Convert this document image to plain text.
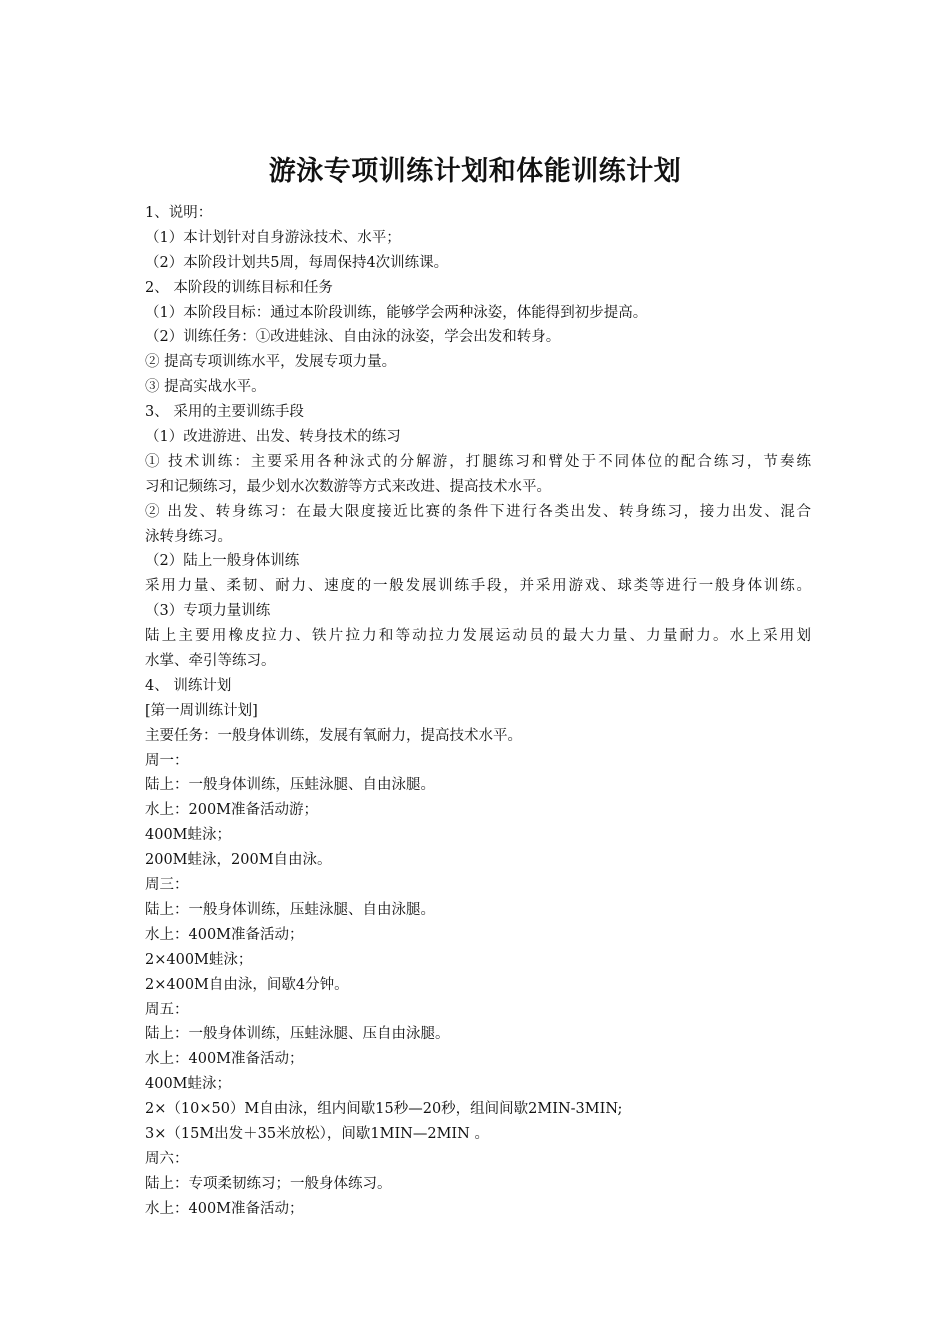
游泳专项训练计划和体能训练计划
1、说明：
（1）本计划针对自身游泳技术、水平；
（2）本阶段计划共5周，每周保持4次训练课。
2、 本阶段的训练目标和任务
（1）本阶段目标：通过本阶段训练，能够学会两种泳姿，体能得到初步提高。
（2）训练任务：①改进蛙泳、自由泳的泳姿，学会出发和转身。
② 提高专项训练水平，发展专项力量。
③ 提高实战水平。
3、 采用的主要训练手段
（1）改进游进、出发、转身技术的练习
① 技术训练：主要采用各种泳式的分解游，打腿练习和臂处于不同体位的配合练习，节奏练
习和记频练习，最少划水次数游等方式来改进、提高技术水平。
② 出发、转身练习：在最大限度接近比赛的条件下进行各类出发、转身练习，接力出发、混合
泳转身练习。
（2）陆上一般身体训练
采用力量、柔韧、耐力、速度的一般发展训练手段，并采用游戏、球类等进行一般身体训练。
（3）专项力量训练
陆上主要用橡皮拉力、铁片拉力和等动拉力发展运动员的最大力量、力量耐力。水上采用划
水掌、牵引等练习。
4、 训练计划
[第一周训练计划]
主要任务：一般身体训练，发展有氧耐力，提高技术水平。
周一：
陆上：一般身体训练，压蛙泳腿、自由泳腿。
水上：200M准备活动游；
400M蛙泳；
200M蛙泳，200M自由泳。
周三：
陆上：一般身体训练，压蛙泳腿、自由泳腿。
水上：400M准备活动；
2×400M蛙泳；
2×400M自由泳，间歇4分钟。
周五：
陆上：一般身体训练，压蛙泳腿、压自由泳腿。
水上：400M准备活动；
400M蛙泳；
2×（10×50）M自由泳，组内间歇15秒—20秒，组间间歇2MIN-3MIN;
3×（15M出发＋35米放松），间歇1MIN—2MIN 。
周六：
陆上：专项柔韧练习；一般身体练习。
水上：400M准备活动；
